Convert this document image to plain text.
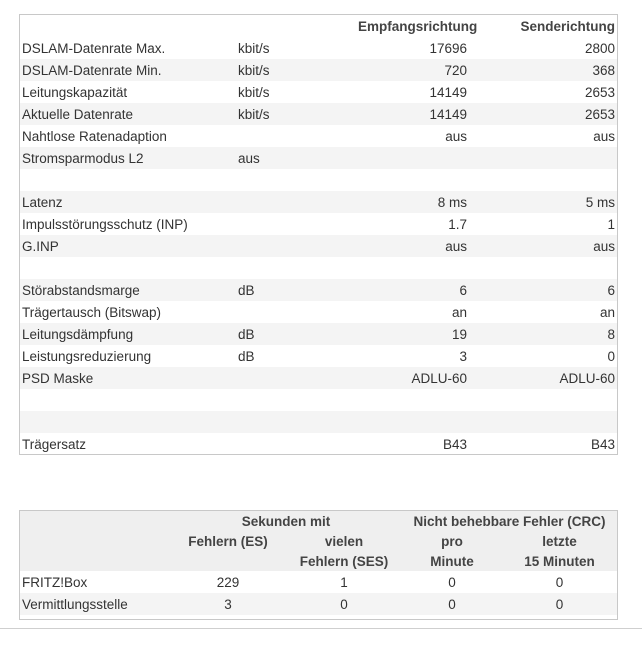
		Empfangsrichtung	Senderichtung
DSLAM-Datenrate Max.	kbit/s	17696	2800
DSLAM-Datenrate Min.	kbit/s	720	368
Leitungskapazität	kbit/s	14149	2653
Aktuelle Datenrate	kbit/s	14149	2653
Nahtlose Ratenadaption		aus	aus
Stromsparmodus L2	aus		

Latenz		8 ms	5 ms
Impulsstörungsschutz (INP)		1.7	1
G.INP		aus	aus

Störabstandsmarge	dB	6	6
Trägertausch (Bitswap)		an	an
Leitungsdämpfung	dB	19	8
Leistungsreduzierung	dB	3	0
PSD Maske		ADLU-60	ADLU-60

Trägersatz		B43	B43
	Sekunden mit		Nicht behebbare Fehler (CRC)	
	Fehlern (ES)	vielen	pro	letzte
		Fehlern (SES)	Minute	15 Minuten
FRITZ!Box	229	1	0	0
Vermittlungsstelle	3	0	0	0
